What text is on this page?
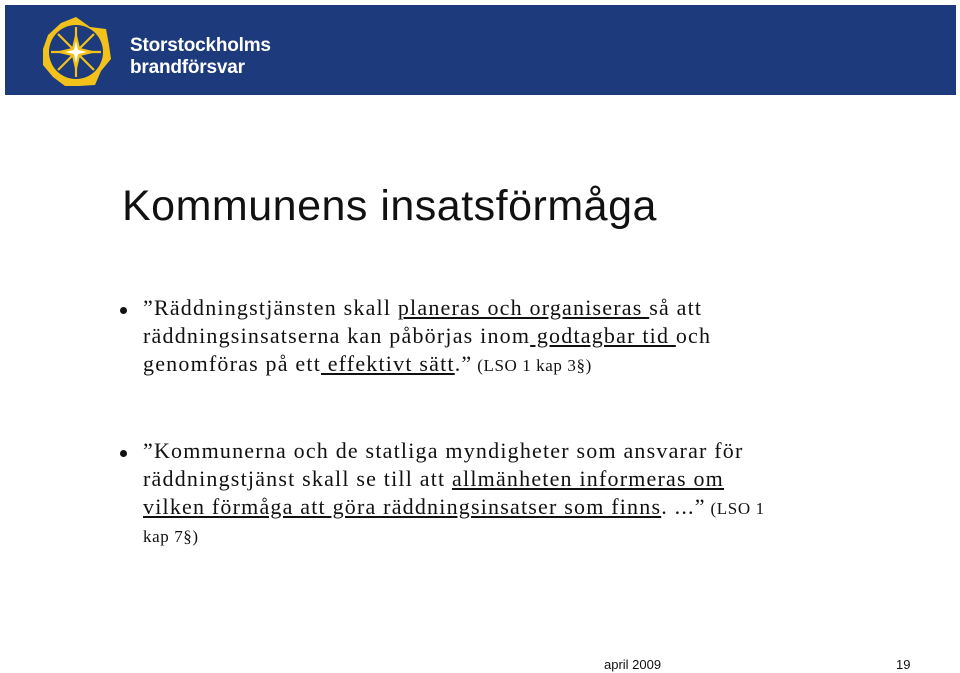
Storstockholms
brandförsvar
Kommunens insatsförmåga
”Räddningstjänsten skall planeras och organiseras så att
räddningsinsatserna kan påbörjas inom godtagbar tid och
genomföras på ett effektivt sätt.” (LSO 1 kap 3§)
”Kommunerna och de statliga myndigheter som ansvarar för
räddningstjänst skall se till att allmänheten informeras om
vilken förmåga att göra räddningsinsatser som finns. ...” (LSO 1
kap 7§)
april 2009	19
